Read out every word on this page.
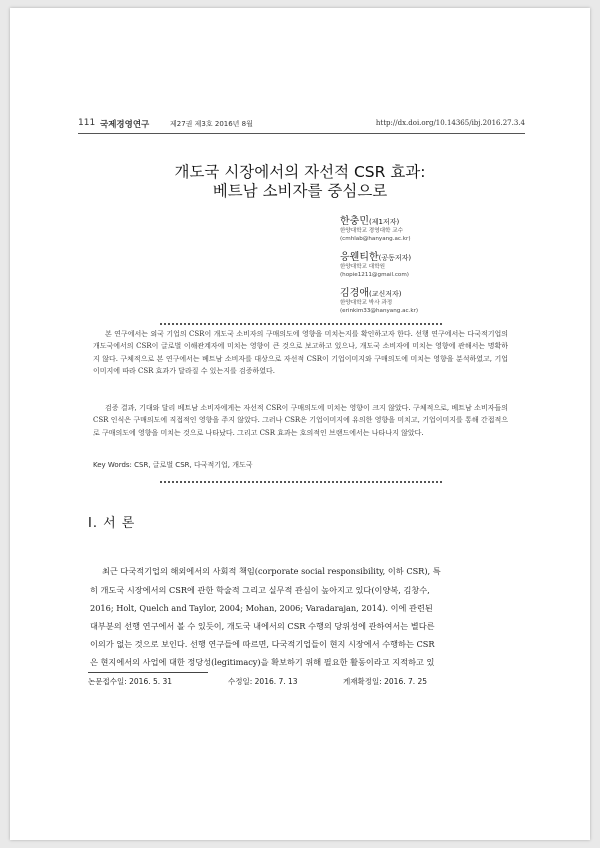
111 국제경영연구	제27권 제3호 2016년 8월	http://dx.doi.org/10.14365/ibj.2016.27.3.4
개도국 시장에서의 자선적 CSR 효과:
베트남 소비자를 중심으로
한충민(제1저자)
한양대학교 경영대학 교수
(cmhlab@hanyang.ac.kr)
응웬티한(공동저자)
한양대학교 대학원
(hopie1211@gmail.com)
김경애(교신저자)
한양대학교 박사 과정
(erinkim33@hanyang.ac.kr)

본 연구에서는 외국 기업의 CSR이 개도국 소비자의 구매의도에 영향을 미치는지를 확인하고자 한다. 선행 연구에서는 다국적기업의 개도국에서의 CSR이 글로벌 이해관계자에 미치는 영향이 큰 것으로 보고하고 있으나, 개도국 소비자에 미치는 영향에 관해서는 명확하지 않다. 구체적으로 본 연구에서는 베트남 소비자를 대상으로 자선적 CSR이 기업이미지와 구매의도에 미치는 영향을 분석하였고, 기업이미지에 따라 CSR 효과가 달라질 수 있는지를 검증하였다.

검증 결과, 기대와 달리 베트남 소비자에게는 자선적 CSR이 구매의도에 미치는 영향이 크지 않았다. 구체적으로, 베트남 소비자들의 CSR 인식은 구매의도에 직접적인 영향을 주지 않았다. 그러나 CSR은 기업이미지에 유의한 영향을 미치고, 기업이미지를 통해 간접적으로 구매의도에 영향을 미치는 것으로 나타났다. 그리고 CSR 효과는 호의적인 브랜드에서는 나타나지 않았다.

Key Words: CSR, 글로벌 CSR, 다국적기업, 개도국
Ⅰ. 서 론
최근 다국적기업의 해외에서의 사회적 책임(corporate social responsibility, 이하 CSR), 특
히 개도국 시장에서의 CSR에 관한 학술적 그리고 실무적 관심이 높아지고 있다(이양복, 김창수,
2016; Holt, Quelch and Taylor, 2004; Mohan, 2006; Varadarajan, 2014). 이에 관련된
대부분의 선행 연구에서 볼 수 있듯이, 개도국 내에서의 CSR 수행의 당위성에 관하여서는 별다른
이의가 없는 것으로 보인다. 선행 연구들에 따르면, 다국적기업들이 현지 시장에서 수행하는 CSR
은 현지에서의 사업에 대한 정당성(legitimacy)을 확보하기 위해 필요한 활동이라고 지적하고 있
논문접수일: 2016. 5. 31	수정일: 2016. 7. 13	게재확정일: 2016. 7. 25
